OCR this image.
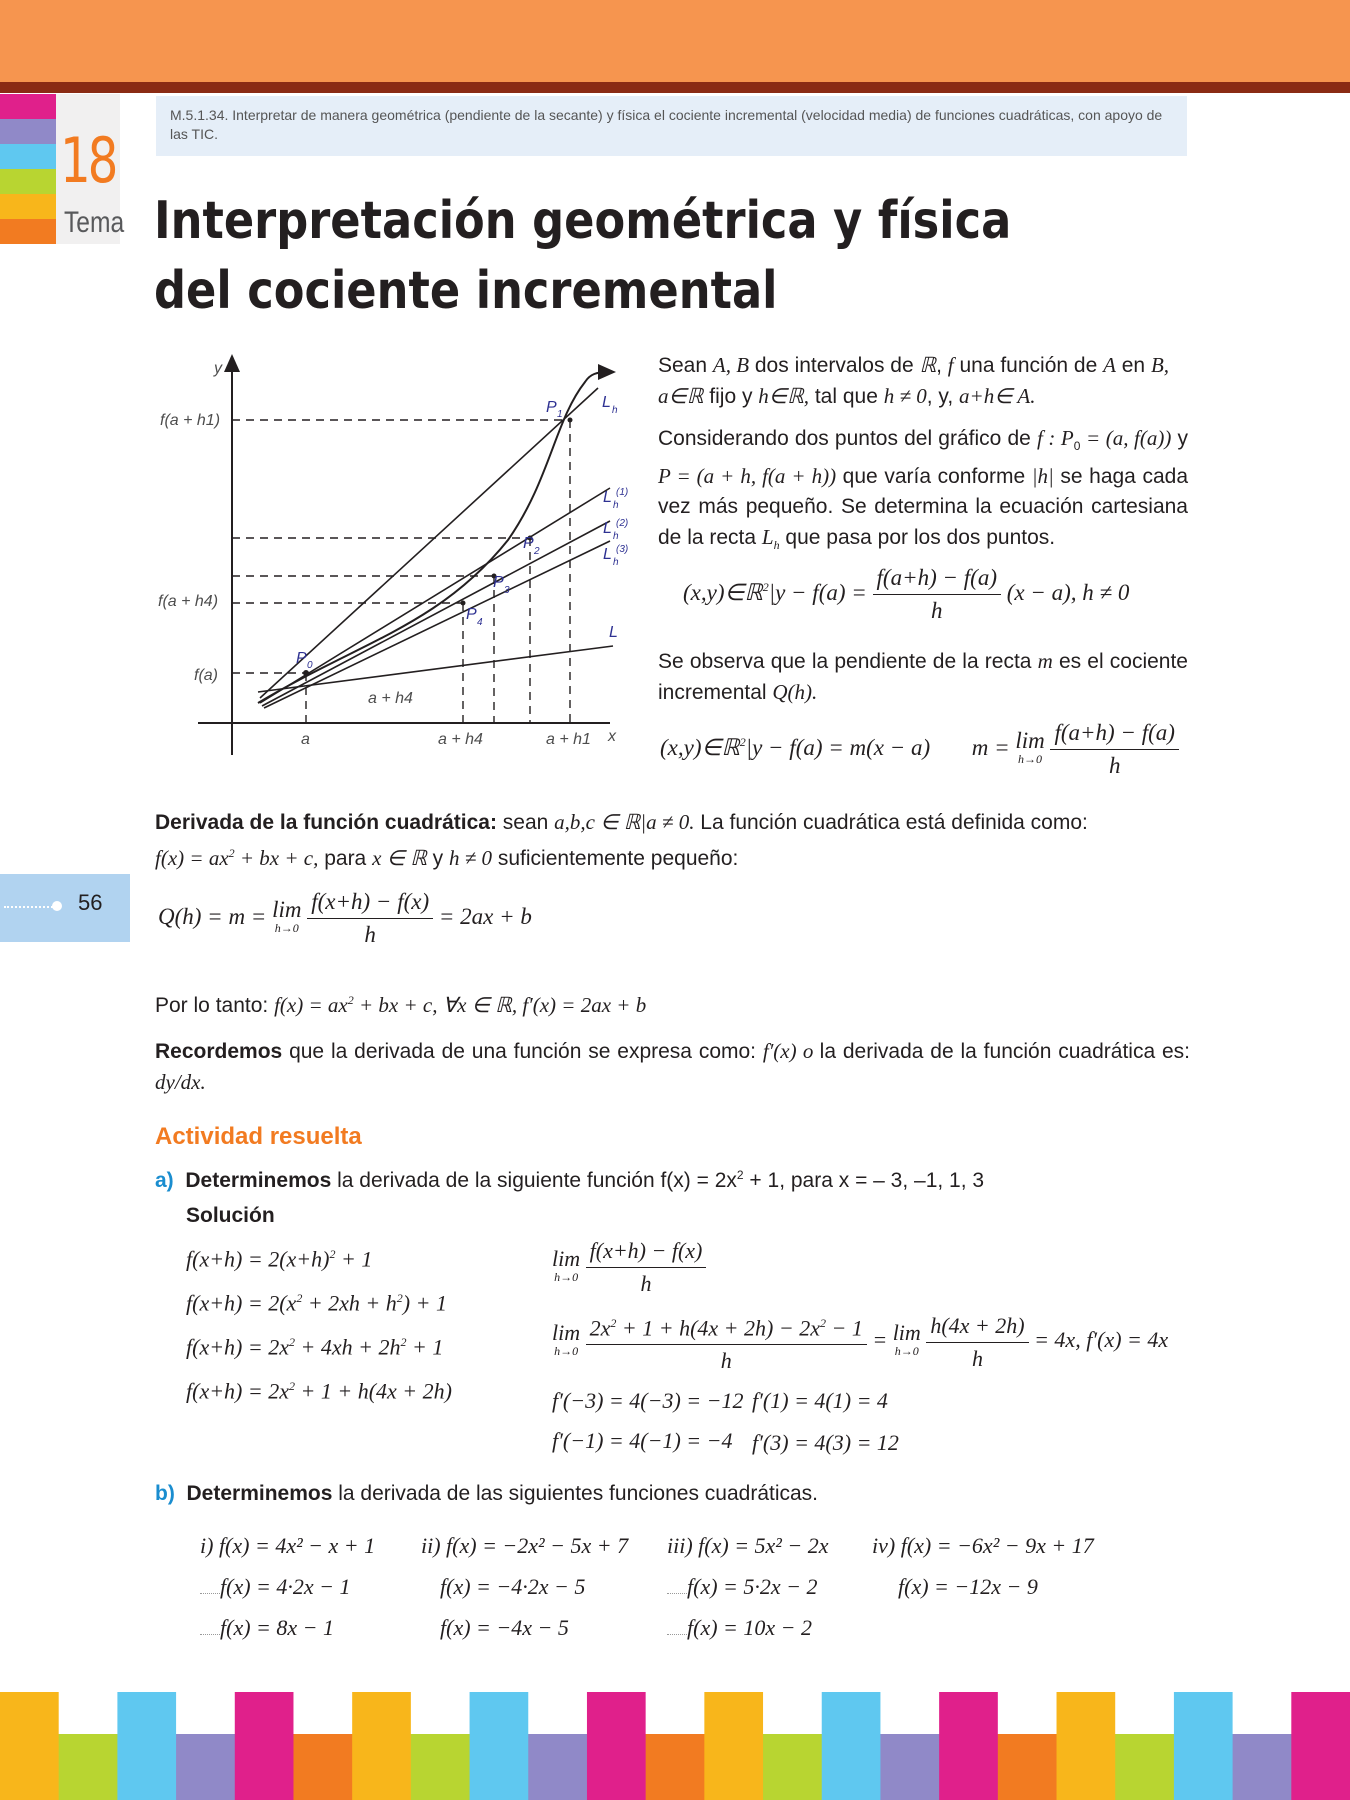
18
Tema
M.5.1.34. Interpretar de manera geométrica (pendiente de la secante) y física el cociente incremental (velocidad media) de funciones cuadráticas, con apoyo de las TIC.
Interpretación geométrica y física del cociente incremental
y
x
f(a + h1)
f(a + h4)
f(a)
a	a + h4	a + h1
a + h4
P 0
P 1
P 2
P 3
P 4
L h
L h
(1)
L h
(2)
L h
(3)
L
Sean A, B dos intervalos de ℝ, f una función de A en B,
a∈ℝ fijo y h∈ℝ, tal que h ≠ 0, y, a+h∈ A.
Considerando dos puntos del gráfico de f : $P_0 = (a$, f(a)) y P = (a + h, f(a + h)) que varía conforme |h| se haga cada vez más pequeño. Se determina la ecuación cartesiana de la recta $L_h$ que pasa por los dos puntos.
(x,y)∈ℝ$^2$|y − $f(a) = \frac{f(a+h) - f(a)}{h} (x - a)$, h ≠ 0
Se observa que la pendiente de la recta m es el cociente incremental Q(h).
(x,y)∈ℝ$^2$|y − f(a) = m(x − a) m = lim
h→0
$\frac{f(a+h) - f(a)}{h}$
Derivada de la función cuadrática: sean a,b,c ∈ ℝ|a ≠ 0. La función cuadrática está definida como:
$f(x) = ax^2$ + bx + c, para x ∈ ℝ y h ≠ 0 suficientemente pequeño:
56
Q(h) = m = lim
h→0
$\frac{f(x+h) - f(x)}{h} = 2ax + b$
Por lo tanto: $f(x) = ax^2$ + bx + c, ∀x ∈ ℝ, f′(x) = 2ax + b
Recordemos que la derivada de una función se expresa como: f′(x) o la derivada de la función cuadrática es: dy/dx.
Actividad resuelta
a) Determinemos la derivada de la siguiente función $f(x) = 2x^2 + 1$, para x = – 3, –1, 1, 3
Solución
$f(x+h) = 2(x+h)^2 + 1$
$f(x+h) = 2(x^2 + 2xh + h^2) + 1$
$f(x+h) = 2x^2 + 4xh + 2h^2 + 1$
$f(x+h) = 2x^2 + 1 + h(4x + 2h)$
lim
h→0
$\frac{f(x+h) - f(x)}{h}$
lim
h→0
$\frac{2x^2 + 1 + h(4x + 2h) - 2x^2 - 1}{h} = \lim$
h→0
$\frac{h(4x + 2h)}{h} = 4x$, f′(x) = 4x
f′(−3) = 4(−3) = −12 f′(1) = 4(1) = 4
f′(−1) = 4(−1) = −4 f′(3) = 4(3) = 12
b) Determinemos la derivada de las siguientes funciones cuadráticas.
i) f(x) = 4x² − x + 1 ii) f(x) = −2x² − 5x + 7 iii) f(x) = 5x² − 2x iv) f(x) = −6x² − 9x + 17
f(x) = 4·2x − 1	f(x) = −4·2x − 5	f(x) = 5·2x − 2	f(x) = −12x − 9
f(x) = 8x − 1	f(x) = −4x − 5	f(x) = 10x − 2
